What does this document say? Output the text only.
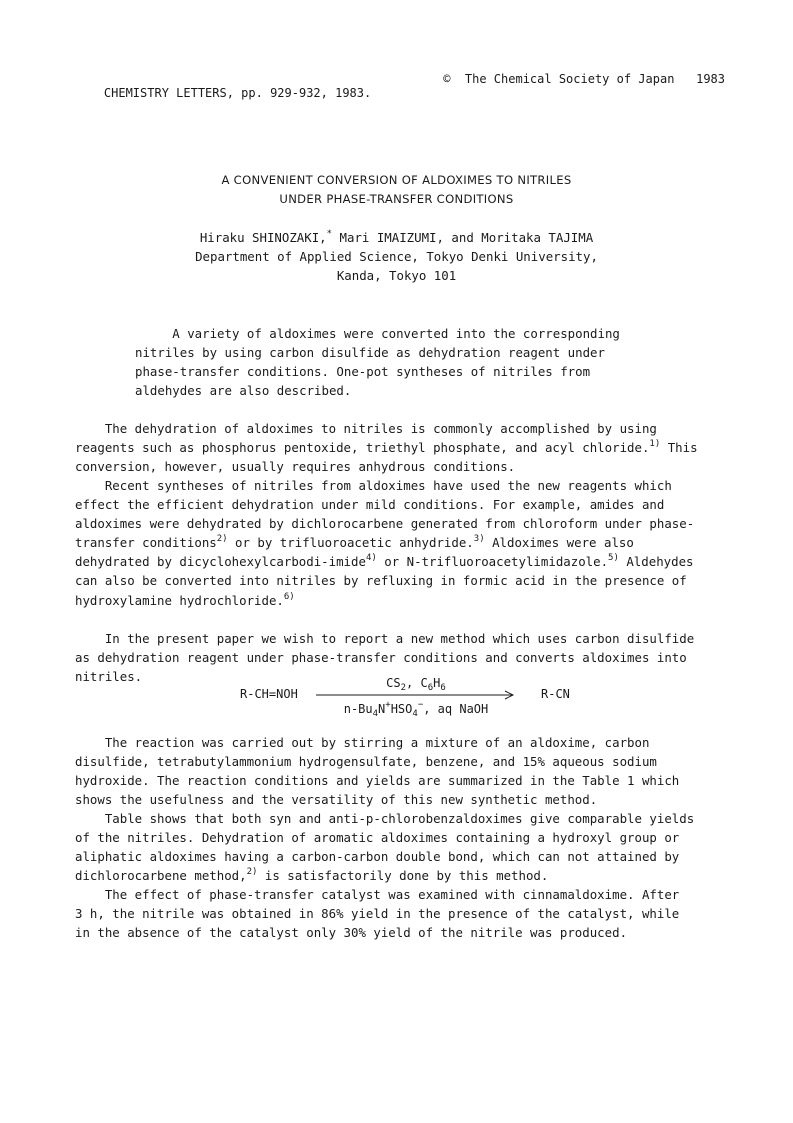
CHEMISTRY LETTERS, pp. 929-932, 1983.

©  The Chemical Society of Japan   1983

A CONVENIENT CONVERSION OF ALDOXIMES TO NITRILES
UNDER PHASE-TRANSFER CONDITIONS
Hiraku SHINOZAKI,* Mari IMAIZUMI, and Moritaka TAJIMA
Department of Applied Science, Tokyo Denki University,
Kanda, Tokyo 101
A variety of aldoximes were converted into the corresponding
nitriles by using carbon disulfide as dehydration reagent under
phase-transfer conditions. One-pot syntheses of nitriles from
aldehydes are also described.
The dehydration of aldoximes to nitriles is commonly accomplished by using
reagents such as phosphorus pentoxide, triethyl phosphate, and acyl chloride.$^{1)}$ This
conversion, however, usually requires anhydrous conditions.
Recent syntheses of nitriles from aldoximes have used the new reagents which
effect the efficient dehydration under mild conditions. For example, amides and
aldoximes were dehydrated by dichlorocarbene generated from chloroform under phase-
transfer conditions$^{2)}$ or by trifluoroacetic anhydride.$^{3)}$ Aldoximes were also
dehydrated by dicyclohexylcarbodi-imide$^{4)}$ or N-trifluoroacetylimidazole.$^{5)}$ Aldehydes
can also be converted into nitriles by refluxing in formic acid in the presence of
hydroxylamine hydrochloride.$^{6)}$
In the present paper we wish to report a new method which uses carbon disulfide
as dehydration reagent under phase-transfer conditions and converts aldoximes into
nitriles.
R-CH=NOH
$CS_2$, $C_6H_6$
$n-Bu_4N^+HSO_4^-$, aq NaOH
R-CN
The reaction was carried out by stirring a mixture of an aldoxime, carbon
disulfide, tetrabutylammonium hydrogensulfate, benzene, and 15% aqueous sodium
hydroxide. The reaction conditions and yields are summarized in the Table 1 which
shows the usefulness and the versatility of this new synthetic method.
Table shows that both syn and anti-p-chlorobenzaldoximes give comparable yields
of the nitriles. Dehydration of aromatic aldoximes containing a hydroxyl group or
aliphatic aldoximes having a carbon-carbon double bond, which can not attained by
dichlorocarbene method,$^{2)}$ is satisfactorily done by this method.
The effect of phase-transfer catalyst was examined with cinnamaldoxime. After
3 h, the nitrile was obtained in 86% yield in the presence of the catalyst, while
in the absence of the catalyst only 30% yield of the nitrile was produced.
